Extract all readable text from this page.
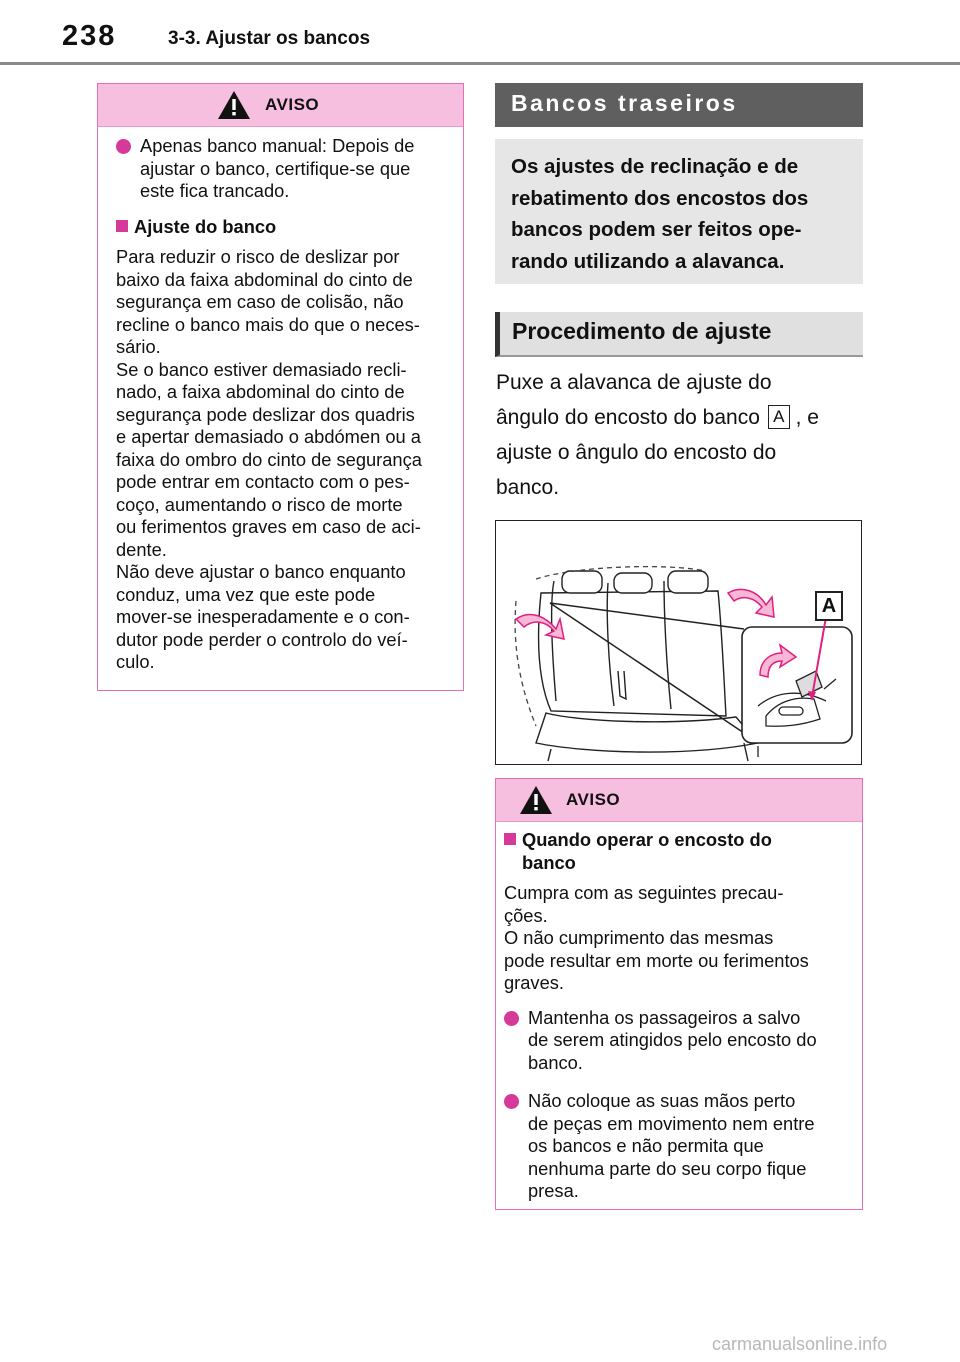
238	3-3. Ajustar os bancos
AVISO
Apenas banco manual: Depois de ajustar o banco, certifique-se que este fica trancado.
Ajuste do banco
Para reduzir o risco de deslizar por
baixo da faixa abdominal do cinto de
segurança em caso de colisão, não
recline o banco mais do que o neces-
sário.
Se o banco estiver demasiado recli-
nado, a faixa abdominal do cinto de
segurança pode deslizar dos quadris
e apertar demasiado o abdómen ou a
faixa do ombro do cinto de segurança
pode entrar em contacto com o pes-
coço, aumentando o risco de morte
ou ferimentos graves em caso de aci-
dente.
Não deve ajustar o banco enquanto
conduz, uma vez que este pode
mover-se inesperadamente e o con-
dutor pode perder o controlo do veí-
culo.
Bancos traseiros
Os ajustes de reclinação e de
rebatimento dos encostos dos
bancos podem ser feitos ope-
rando utilizando a alavanca.
Procedimento de ajuste
Puxe a alavanca de ajuste do
ângulo do encosto do banco A , e
ajuste o ângulo do encosto do
banco.
A
AVISO
Quando operar o encosto do
banco
Cumpra com as seguintes precau-
ções.
O não cumprimento das mesmas
pode resultar em morte ou ferimentos
graves.
Mantenha os passageiros a salvo
de serem atingidos pelo encosto do
banco.
Não coloque as suas mãos perto
de peças em movimento nem entre
os bancos e não permita que
nenhuma parte do seu corpo fique
presa.
carmanualsonline.info
